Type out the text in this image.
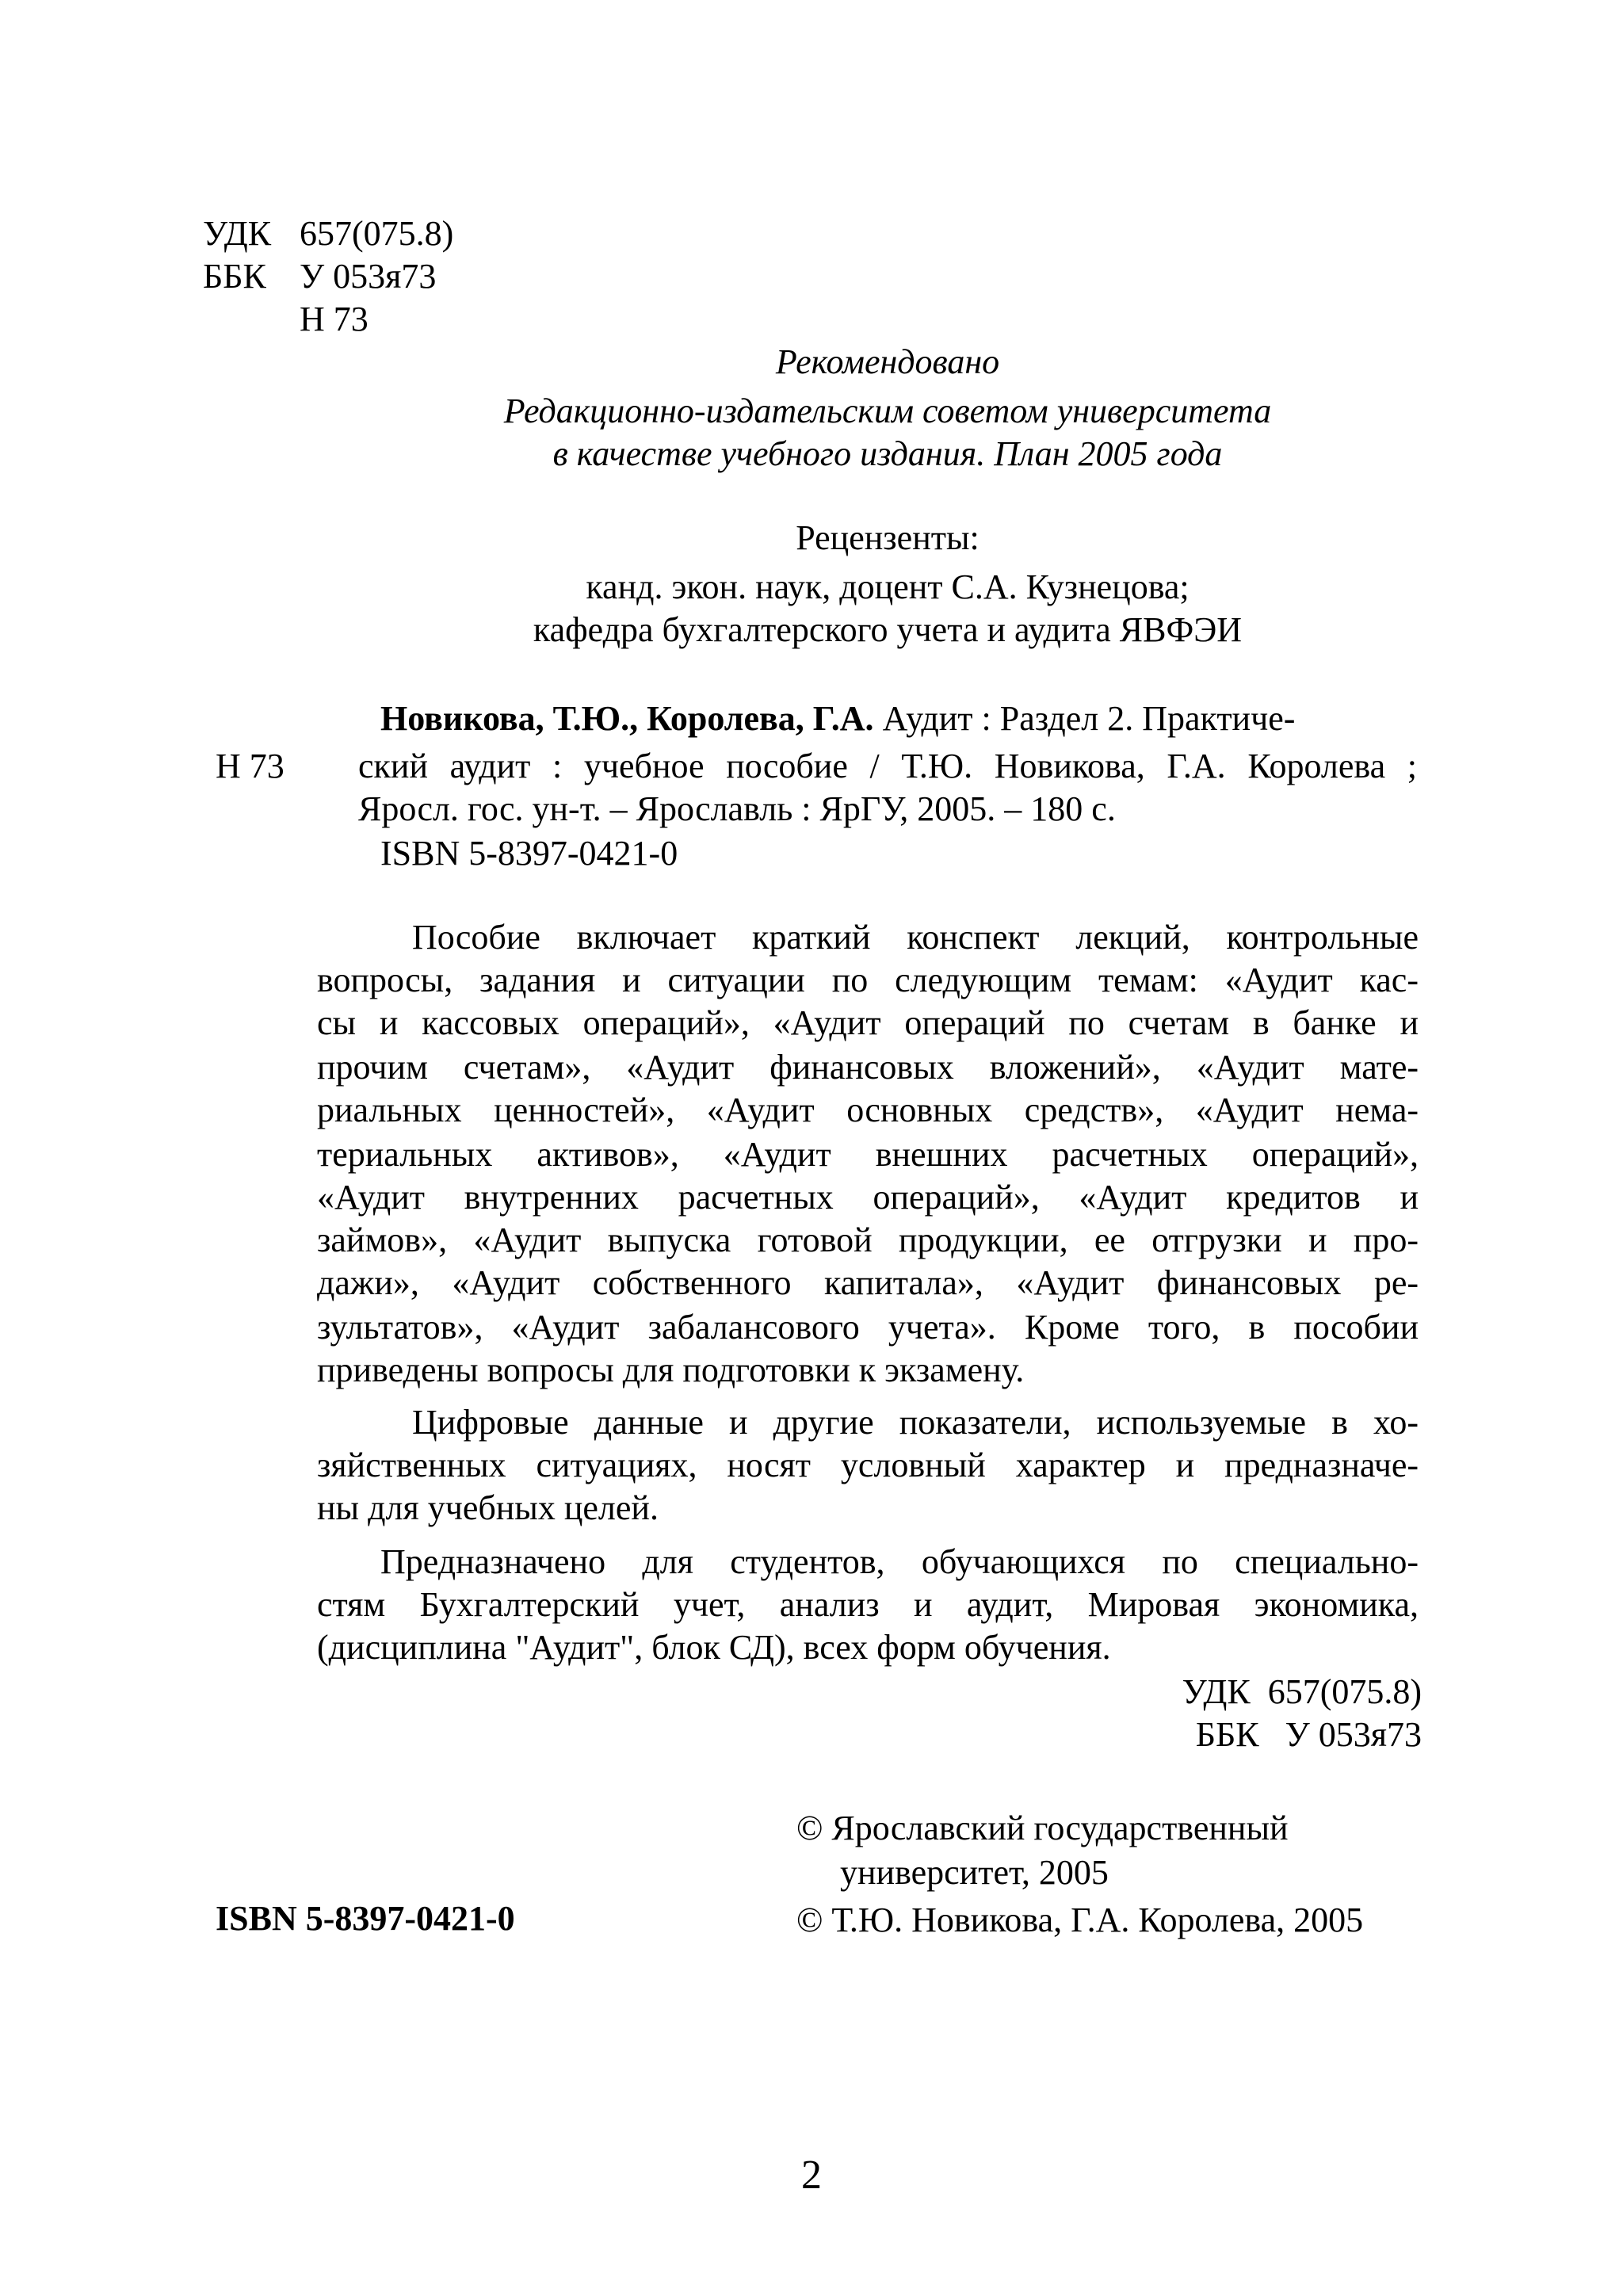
УДК 657(075.8)
ББК У 053я73
Н 73
Рекомендовано
Редакционно-издательским советом университета
в качестве учебного издания. План 2005 года
Рецензенты:
канд. экон. наук, доцент С.А. Кузнецова;
кафедра бухгалтерского учета и аудита ЯВФЭИ
Н 73
Новикова, Т.Ю., Королева, Г.А. Аудит : Раздел 2. Практиче-
ский аудит : учебное пособие / Т.Ю. Новикова, Г.А. Королева ;
Яросл. гос. ун-т. – Ярославль : ЯрГУ, 2005. – 180 с.
ISBN 5-8397-0421-0
Пособие включает краткий конспект лекций, контрольные
вопросы, задания и ситуации по следующим темам: «Аудит кас-
сы и кассовых операций», «Аудит операций по счетам в банке и
прочим счетам», «Аудит финансовых вложений», «Аудит мате-
риальных ценностей», «Аудит основных средств», «Аудит нема-
териальных активов», «Аудит внешних расчетных операций»,
«Аудит внутренних расчетных операций», «Аудит кредитов и
займов», «Аудит выпуска готовой продукции, ее отгрузки и про-
дажи», «Аудит собственного капитала», «Аудит финансовых ре-
зультатов», «Аудит забалансового учета». Кроме того, в пособии
приведены вопросы для подготовки к экзамену.
Цифровые данные и другие показатели, используемые в хо-
зяйственных ситуациях, носят условный характер и предназначе-
ны для учебных целей.
Предназначено для студентов, обучающихся по специально-
стям Бухгалтерский учет, анализ и аудит, Мировая экономика,
(дисциплина "Аудит", блок СД), всех форм обучения.
УДК  657(075.8)
ББК   У 053я73
© Ярославский государственный
университет, 2005
© Т.Ю. Новикова, Г.А. Королева, 2005
ISBN 5-8397-0421-0
2
